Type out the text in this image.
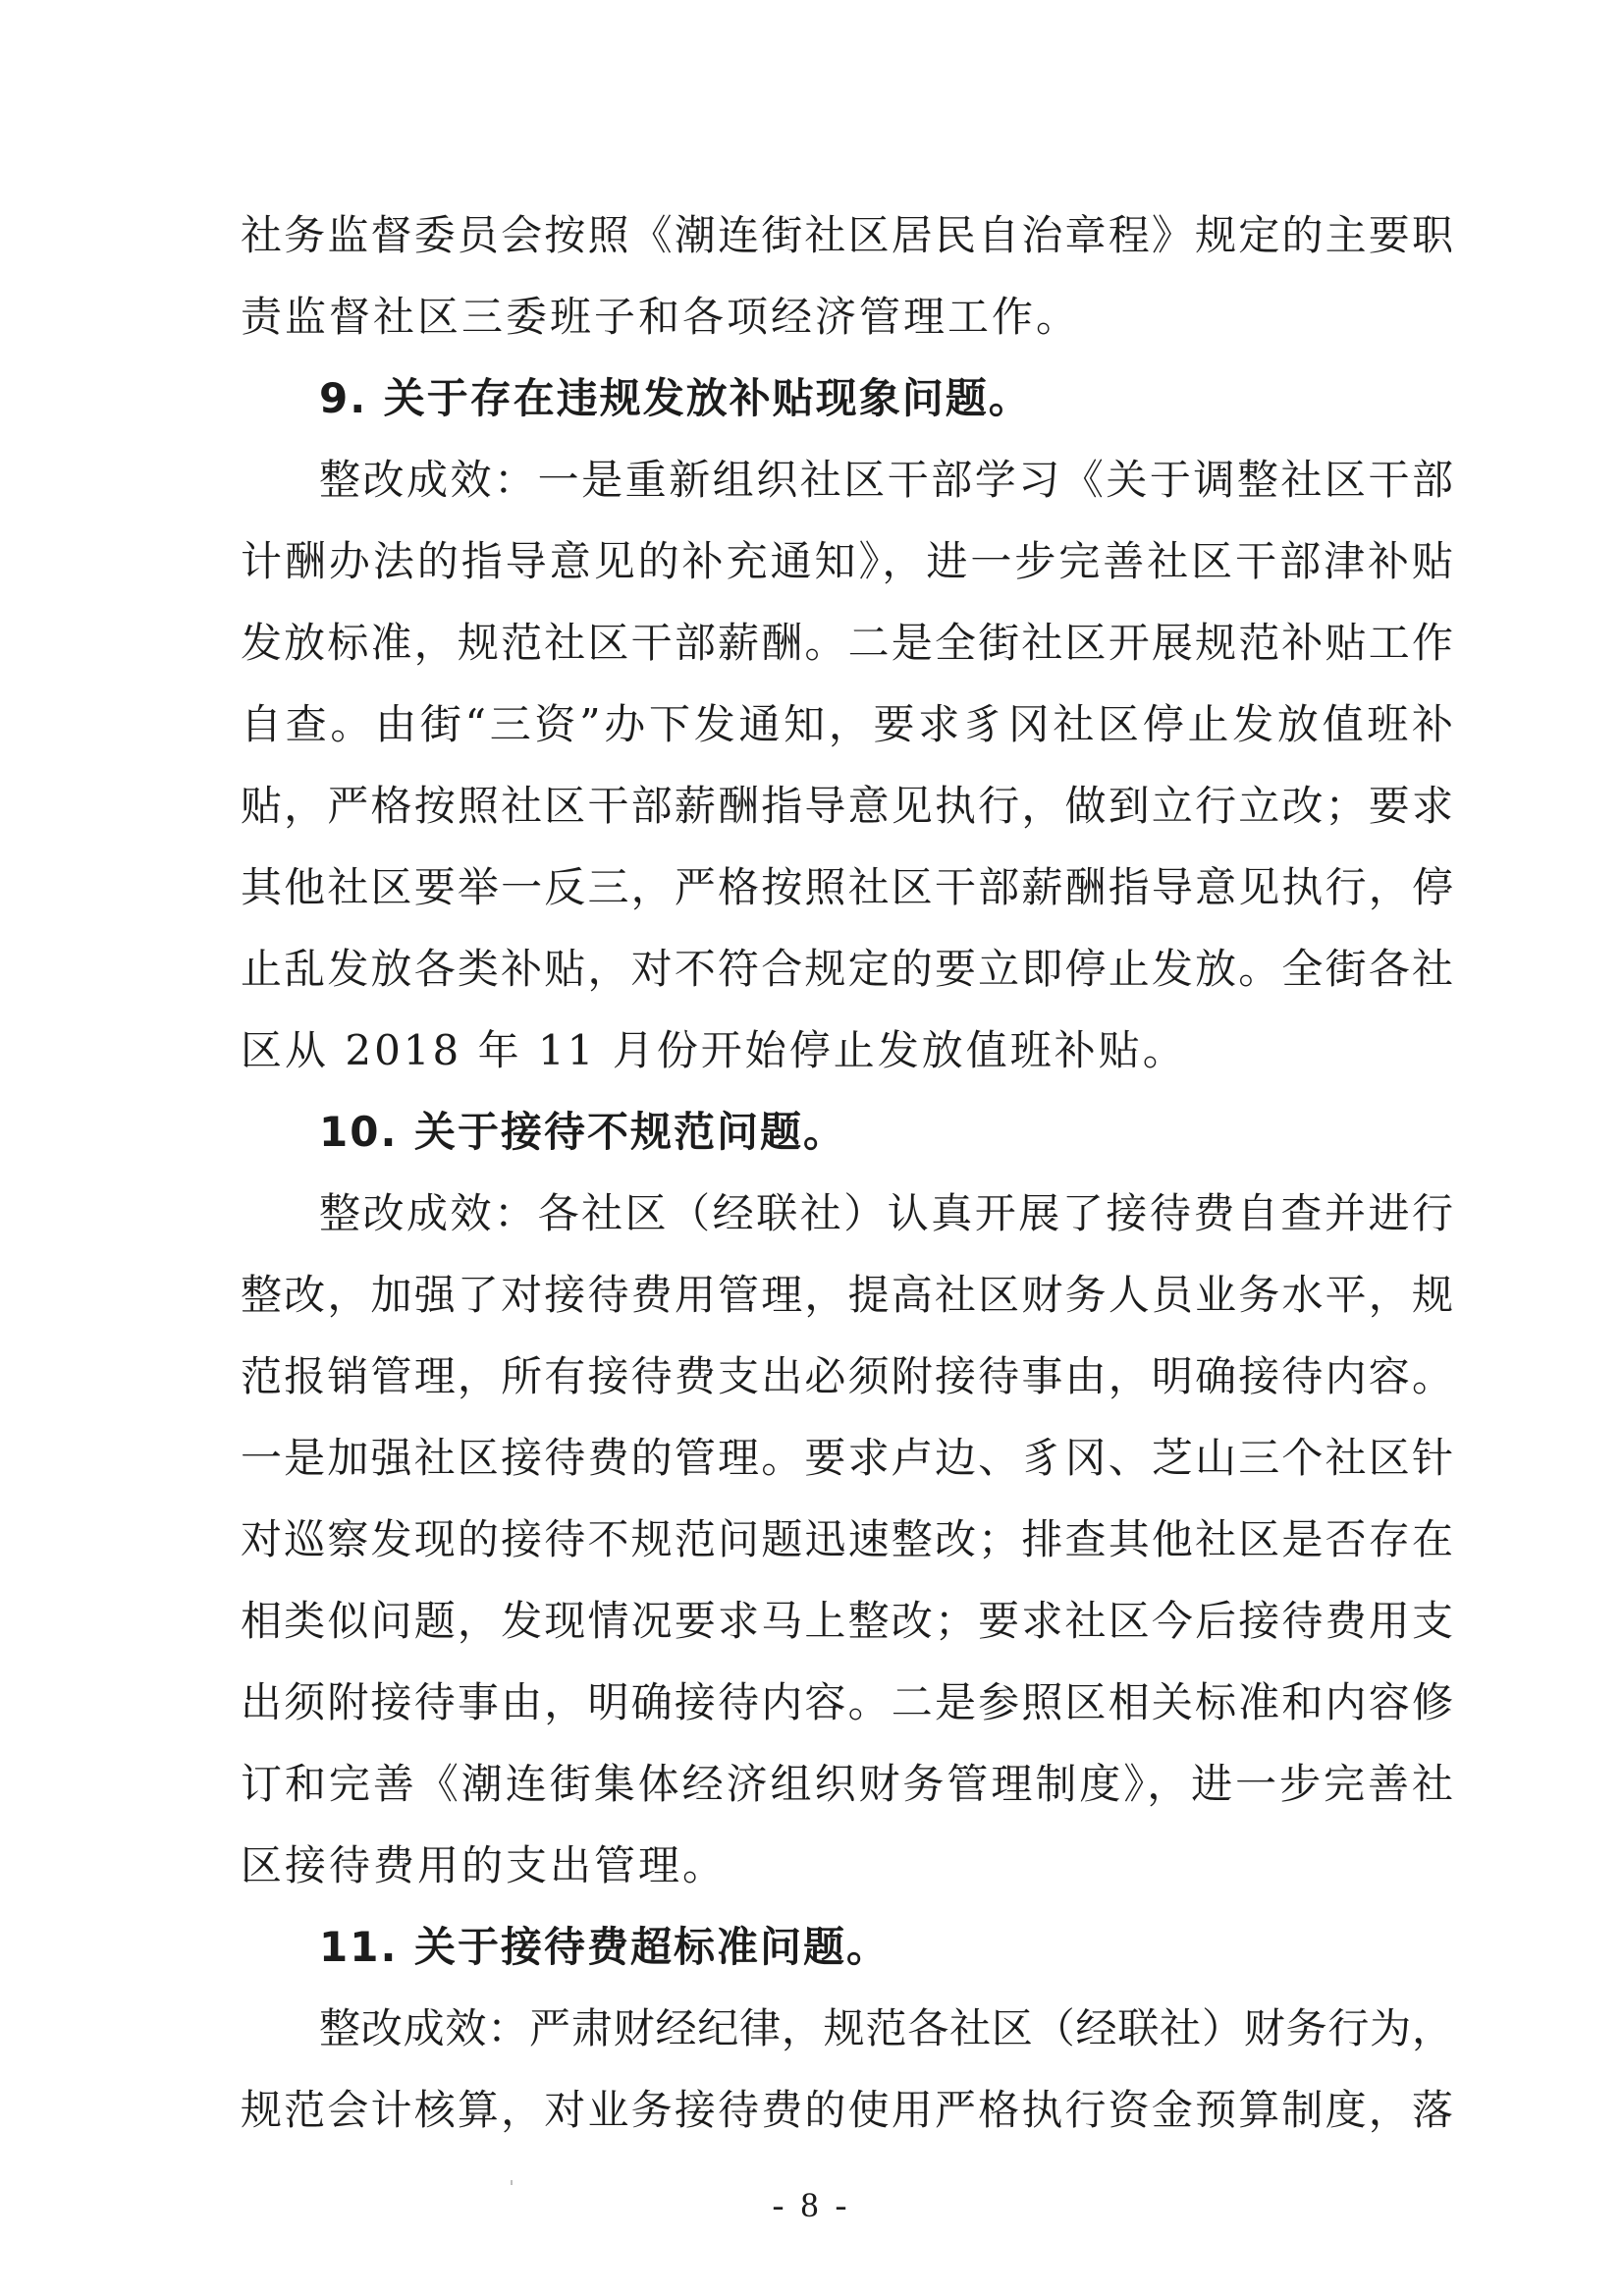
社务监督委员会按照《潮连街社区居民自治章程》规定的主要职
责监督社区三委班子和各项经济管理工作。
9. 关于存在违规发放补贴现象问题。
整改成效：一是重新组织社区干部学习《关于调整社区干部
计酬办法的指导意见的补充通知》，进一步完善社区干部津补贴
发放标准，规范社区干部薪酬。二是全街社区开展规范补贴工作
自查。由街“三资”办下发通知，要求豸冈社区停止发放值班补
贴，严格按照社区干部薪酬指导意见执行，做到立行立改；要求
其他社区要举一反三，严格按照社区干部薪酬指导意见执行，停
止乱发放各类补贴，对不符合规定的要立即停止发放。全街各社
区从 2018 年 11 月份开始停止发放值班补贴。
10. 关于接待不规范问题。
整改成效：各社区（经联社）认真开展了接待费自查并进行
整改，加强了对接待费用管理，提高社区财务人员业务水平，规
范报销管理，所有接待费支出必须附接待事由，明确接待内容。
一是加强社区接待费的管理。要求卢边、豸冈、芝山三个社区针
对巡察发现的接待不规范问题迅速整改；排查其他社区是否存在
相类似问题，发现情况要求马上整改；要求社区今后接待费用支
出须附接待事由，明确接待内容。二是参照区相关标准和内容修
订和完善《潮连街集体经济组织财务管理制度》，进一步完善社
区接待费用的支出管理。
11. 关于接待费超标准问题。
整改成效：严肃财经纪律，规范各社区（经联社）财务行为，
规范会计核算，对业务接待费的使用严格执行资金预算制度，落
- 8 -
